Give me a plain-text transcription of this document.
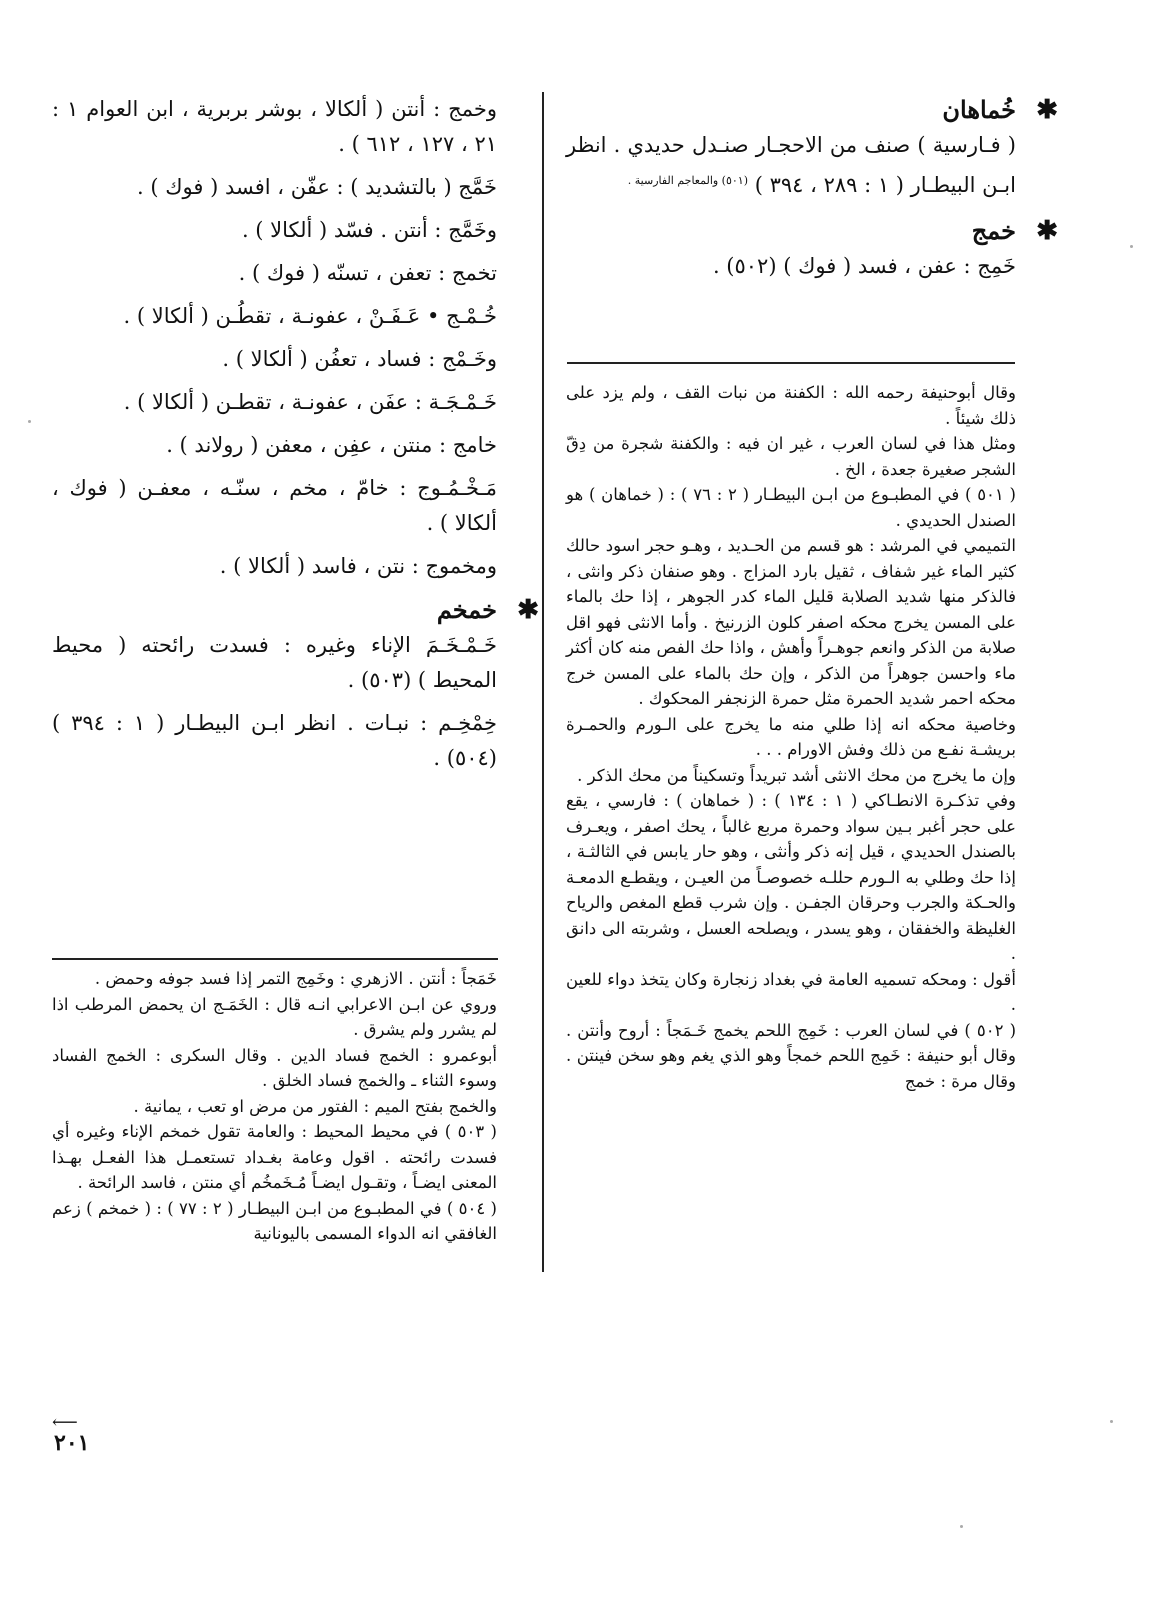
✱
خُماهان

( فـارسية ) صنف من الاحجـار صنـدل حديدي . انظر ابـن البيطـار ( ١ : ٢٨٩ ، ٣٩٤ ) $^{(٥٠١) والمعاجم الفارسية .}$

✱
خمج

خَمِج : عفن ، فسد ( فوك ) (٥٠٢) .

وقال أبوحنيفة رحمه الله : الكفنة من نبات القف ، ولم يزد على ذلك شيئاً .

ومثل هذا في لسان العرب ، غير ان فيه : والكفنة شجرة من دِقّ الشجر صغيرة جعدة ، الخ .

( ٥٠١ ) في المطبـوع من ابـن البيطـار ( ٢ : ٧٦ ) : ( خماهان ) هو الصندل الحديدي .

التميمي في المرشد : هو قسم من الحـديد ، وهـو حجر اسود حالك كثير الماء غير شفاف ، ثقيل بارد المزاج . وهو صنفان ذكر وانثى ، فالذكر منها شديد الصلابة قليل الماء كدر الجوهر ، إذا حك بالماء على المسن يخرج محكه اصفر كلون الزرنيخ . وأما الانثى فهو اقل صلابة من الذكر وانعم جوهـراً وأهش ، واذا حك الفص منه كان أكثر ماء واحسن جوهراً من الذكر ، وإن حك بالماء على المسن خرج محكه احمر شديد الحمرة مثل حمرة الزنجفر المحكوك .

وخاصية محكه انه إذا طلي منه ما يخرج على الـورم والحمـرة بريشـة نفـع من ذلك وفش الاورام . . .

وإن ما يخرج من محك الانثى أشد تبريداً وتسكيناً من محك الذكر .

وفي تذكـرة الانطـاكي ( ١ : ١٣٤ ) : ( خماهان ) : فارسي ، يقع على حجر أغبر بـين سواد وحمرة مربع غالباً ، يحك اصفر ، ويعـرف بالصندل الحديدي ، قيل إنه ذكر وأنثى ، وهو حار يابس في الثالثـة ، إذا حك وطلي به الـورم حللـه خصوصـاً من العيـن ، ويقطـع الدمعـة والحـكة والجرب وحرقان الجفـن . وإن شرب قطع المغص والرياح الغليظة والخفقان ، وهو يسدر ، ويصلحه العسل ، وشربته الى دانق .

أقول : ومحكه تسميه العامة في بغداد زنجارة وكان يتخذ دواء للعين .

( ٥٠٢ ) في لسان العرب : خَمِج اللحم يخمج خَـمَجاً : أروح وأنتن . وقال أبو حنيفة : خَمِج اللحم خمجاً وهو الذي يغم وهو سخن فينتن . وقال مرة : خمج

وخمج : أنتن ( ألكالا ، بوشر بربرية ، ابن العوام ١ : ٢١ ، ١٢٧ ، ٦١٢ ) .

خَمَّج ( بالتشديد ) : عفّن ، افسد ( فوك ) .

وخَمَّج : أنتن . فسّد ( ألكالا ) .

تخمج : تعفن ، تسنّه ( فوك ) .

خُـمْـج • عَـفَـنْ ، عفونـة ، تقطُـن ( ألكالا ) .

وخَـمْج : فساد ، تعفُن ( ألكالا ) .

خَـمْـجَـة : عفَن ، عفونـة ، تقطـن ( ألكالا ) .

خامج : منتن ، عفِن ، معفن ( رولاند ) .

مَـخْـمُـوج : خامّ ، مخم ، سنّـه ، معفـن ( فوك ، ألكالا ) .

ومخموج : نتن ، فاسد ( ألكالا ) .

✱
خمخم

خَـمْـخَـمَ الإناء وغيره : فسدت رائحته ( محيط المحيط ) (٥٠٣) .

خِمْخِـم : نبـات . انظر ابـن البيطـار ( ١ : ٣٩٤ ) (٥٠٤) .

خَمَجاً : أنتن . الازهري : وخَمِج التمر إذا فسد جوفه وحمض .

وروي عن ابـن الاعرابي انـه قال : الخَمَـج ان يحمض المرطب اذا لم يشرر ولم يشرق .

أبوعمرو : الخمج فساد الدين . وقال السكرى : الخمج الفساد وسوء الثناء ـ والخمج فساد الخلق .

والخمج بفتح الميم : الفتور من مرض او تعب ، يمانية .

( ٥٠٣ ) في محيط المحيط : والعامة تقول خمخم الإناء وغيره أي فسدت رائحته . اقول وعامة بغـداد تستعمـل هذا الفعـل بهـذا المعنى ايضـاً ، وتقـول ايضـاً مُـخَمخُم أي منتن ، فاسد الرائحة .

( ٥٠٤ ) في المطبـوع من ابـن البيطـار ( ٢ : ٧٧ ) : ( خمخم ) زعم الغافقي انه الدواء المسمى باليونانية

⟵
٢٠١
